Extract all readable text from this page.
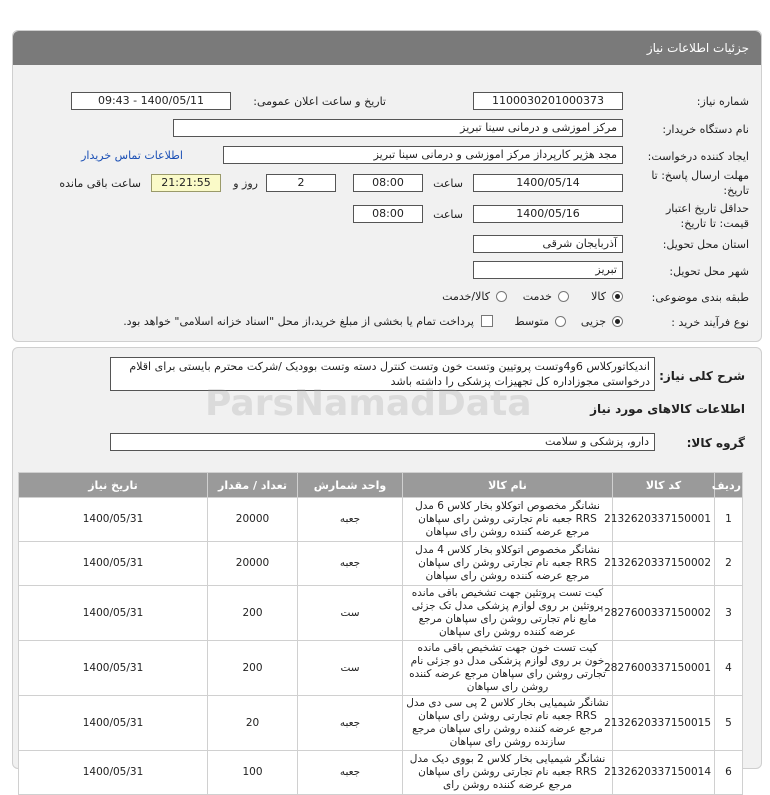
جزئیات اطلاعات نیاز
شماره نیاز:
1100030201000373
تاریخ و ساعت اعلان عمومی:
1400/05/11 - 09:43
نام دستگاه خریدار:
مرکز اموزشی و درمانی سینا تبریز
ایجاد کننده درخواست:
مجد هژیر کارپرداز مرکز اموزشی و درمانی سینا تبریز
اطلاعات تماس خریدار
مهلت ارسال پاسخ: تا
تاریخ:
1400/05/14
ساعت
08:00
2
روز و
21:21:55
ساعت باقی مانده
حداقل تاریخ اعتبار
قیمت: تا تاریخ:
1400/05/16
ساعت
08:00
استان محل تحویل:
آذربایجان شرقی
شهر محل تحویل:
تبریز
طبقه بندی موضوعی:
کالا
خدمت
کالا/خدمت
نوع فرآیند خرید :
جزیی
متوسط
پرداخت تمام یا بخشی از مبلغ خرید،از محل "اسناد خزانه اسلامی" خواهد بود.
شرح کلی نیاز:
اندیکاتورکلاس 6و4وتست پروتیین وتست خون وتست کنترل دسته وتست بوودیک /شرکت محترم بایستی برای اقلام درخواستی مجوزاداره کل تجهیزات پزشکی را داشته باشد
اطلاعات کالاهای مورد نیاز
گروه کالا:
دارو، پزشکی و سلامت
ردیف	کد کالا	نام کالا	واحد شمارش	تعداد / مقدار	تاریخ نیاز
1	2132620337150001	نشانگر مخصوص اتوکلاو بخار کلاس 6 مدل RRS جعبه نام تجارتی روشن رای سپاهان مرجع عرضه کننده روشن رای سپاهان	جعبه	20000	1400/05/31
2	2132620337150002	نشانگر مخصوص اتوکلاو بخار کلاس 4 مدل RRS جعبه نام تجارتی روشن رای سپاهان مرجع عرضه کننده روشن رای سپاهان	جعبه	20000	1400/05/31
3	2827600337150002	کیت تست پروتئین جهت تشخیص باقی مانده پروتئین بر روی لوازم پزشکی مدل تک جزئی مایع نام تجارتی روشن رای سپاهان مرجع عرضه کننده روشن رای سپاهان	ست	200	1400/05/31
4	2827600337150001	کیت تست خون جهت تشخیص باقی مانده خون بر روی لوازم پزشکی مدل دو جزئی نام تجارتی روشن رای سپاهان مرجع عرضه کننده روشن رای سپاهان	ست	200	1400/05/31
5	2132620337150015	نشانگر شیمیایی بخار کلاس 2 پی سی دی مدل RRS جعبه نام تجارتی روشن رای سپاهان مرجع عرضه کننده روشن رای سپاهان مرجع سازنده روشن رای سپاهان	جعبه	20	1400/05/31
6	2132620337150014	نشانگر شیمیایی بخار کلاس 2 بووی دیک مدل RRS جعبه نام تجارتی روشن رای سپاهان مرجع عرضه کننده روشن رای	جعبه	100	1400/05/31
ParsNamadData
